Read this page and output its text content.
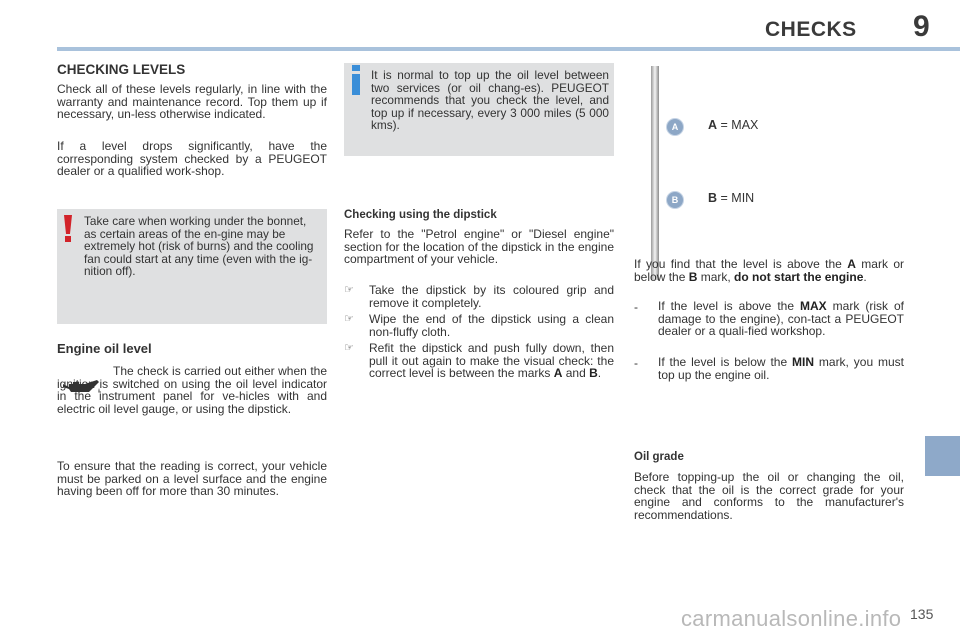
CHECKS 9
CHECKING LEVELS
Check all of these levels regularly, in line with the warranty and maintenance record. Top them up if necessary, un-less otherwise indicated.
If a level drops significantly, have the corresponding system checked by a PEUGEOT dealer or a qualified work-shop.
Take care when working under the bonnet, as certain areas of the en-gine may be extremely hot (risk of burns) and the cooling fan could start at any time (even with the ig-nition off).
Engine oil level
The check is carried out either when the ignition is switched on using the oil level indicator in the instrument panel for ve-hicles with and electric oil level gauge, or using the dipstick.
To ensure that the reading is correct, your vehicle must be parked on a level surface and the engine having been off for more than 30 minutes.
It is normal to top up the oil level between two services (or oil chang-es). PEUGEOT recommends that you check the level, and top up if necessary, every 3 000 miles (5 000 kms).
Checking using the dipstick
Refer to the "Petrol engine" or "Diesel engine" section for the location of the dipstick in the engine compartment of your vehicle.
☞ Take the dipstick by its coloured grip and remove it completely.
☞ Wipe the end of the dipstick using a clean non-fluffy cloth.
☞ Refit the dipstick and push fully down, then pull it out again to make the visual check: the correct level is between the marks A and B.
A
B
A = MAX
B = MIN
If you find that the level is above the A mark or below the B mark, do not start the engine.
- If the level is above the MAX mark (risk of damage to the engine), con-tact a PEUGEOT dealer or a quali-fied workshop.
- If the level is below the MIN mark, you must top up the engine oil.
Oil grade
Before topping-up the oil or changing the oil, check that the oil is the correct grade for your engine and conforms to the manufacturer's recommendations.
carmanualsonline.info 135
